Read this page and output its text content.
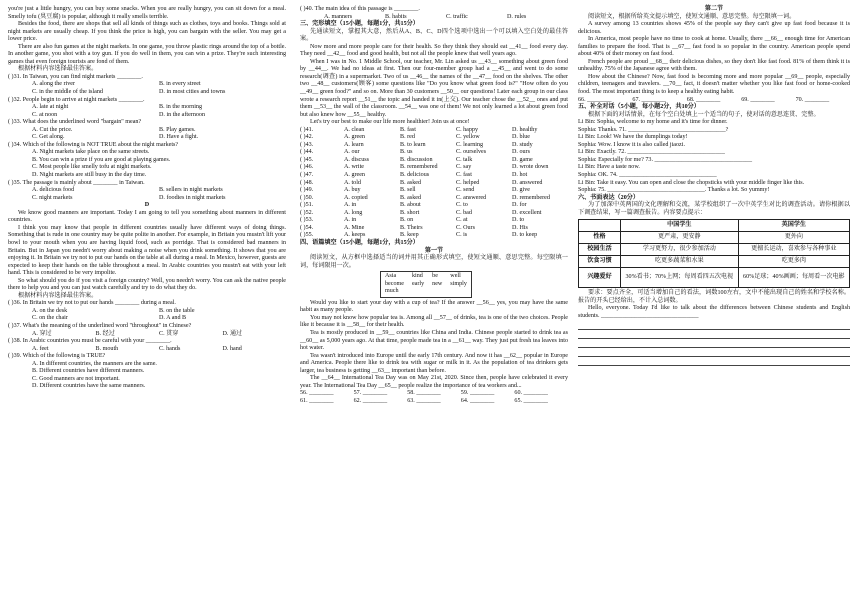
you're just a little hungry, you can buy some snacks. When you are really hungry, you can sit down for a meal. Smelly tofu (臭豆腐) is popular, although it really smells terrible.

Besides the food, there are shops that sell all kinds of things such as clothes, toys and books. Things sold at night markets are usually cheap. If you think the price is high, you can bargain with the seller. You may get a lower price.

There are also fun games at the night markets. In one game, you throw plastic rings around the top of a bottle. In another game, you shot with a toy gun. If you do well in them, you can win a prize. They're such interesting games that even foreign tourists are fond of them.

根据材料内容选择最佳答案。

( )31. In Taiwan, you can find night markets ________.

A. along the river	B. in every street
C. in the middle of the island	D. in most cities and towns

( )32. People begin to arrive at night markets ________.

A. late at night	B. in the morning
C. at noon	D. in the afternoon

( )33. What does the underlined word "bargain" mean?

A. Cut the price.	B. Play games.
C. Get along.	D. Have a fight.

( )34. Which of the following is NOT TRUE about the night markets?

A. Night markets take place on the same streets.
B. You can win a prize if you are good at playing games.
C. Most people like smelly tofu at night markets.
D. Night markets are still busy in the day time.

( )35. The passage is mainly about ________ in Taiwan.

A. delicious food	B. sellers in night markets
C. night markets	D. foodies in night markets

D

We know good manners are important. Today I am going to tell you something about manners in different countries.

I think you may know that people in different countries usually have different ways of doing things. Something that is rude in one country may be quite polite in another. For example, in Britain you mustn't lift your bowl to your mouth when you are having liquid food, such as porridge. That is considered bad manners in Britain. But in Japan you needn't worry about making a noise when you drink something. It shows that you are enjoying it. In Britain we try not to put our hands on the table at all during a meal. In Mexico, however, guests are expected to keep their hands on the table throughout a meal. In Arabic countries you mustn't eat with your left hand. This is considered to be very impolite.

So what should you do if you visit a foreign country? Well, you needn't worry. You can ask the native people there to help you and you can just watch carefully and try to do what they do.

根据材料内容选择最佳答案。

( )36. In Britain we try not to put our hands ________ during a meal.

A. on the desk	B. on the table
C. on the chair	D. A and B

( )37. What's the meaning of the underlined word "throughout" in Chinese?

A. 穿过	B. 经过	C. 贯穿	D. 通过

( )38. In Arabic countries you must be careful with your ________.

A. feet	B. mouth	C. hands	D. hand

( )39. Which of the following is TRUE?

A. In different countries, the manners are the same.
B. Different countries have different manners.
C. Good manners are not important.
D. Different countries have the same manners.

( )40. The main idea of this passage is ________.

A. manners	B. habits	C. traffic	D. rules

三、完形填空（15小题，每题1分，共15分）

先通读短文，掌握其大意，然后从A、B、C、D四个选项中选出一个可以填入空白处的最佳答案。

Now more and more people care for their health. So they think they should eat __41__ food every day. They need __42__ food and good health, but not all the people knew that well years ago.

When I was in No. 1 Middle School, our teacher, Mr. Lin asked us __43__ something about green food by __44__. We had no ideas at first. Then our four-member group had a __45__ and went to do some research(调查) in a supermarket. Two of us __46__ the names of the __47__ food on the shelves. The other two __48__ customers(顾客) some questions like "Do you know what green food is?" "How often do you __49__ green food?" and so on. More than 30 customers __50__ our questions! Later each group in our class wrote a research report __51__ the topic and handed it in(上交). Our teacher chose the __52__ ones and put them __53__ the wall of the classroom. __54__ was one of them! We not only learned a lot about green food but also knew how __55__ healthy.

Let's try our best to make our life more healthier! Join us at once!

( )41.	A. clean	B. fast	C. happy	D. healthy
( )42.	A. green	B. red	C. yellow	D. blue
( )43.	A. learn	B. to learn	C. learning	D. study
( )44.	A. our	B. us	C. ourselves	D. ours
( )45.	A. discuss	B. discussion	C. talk	D. game
( )46.	A. write	B. remembered	C. say	D. wrote down
( )47.	A. green	B. delicious	C. fast	D. hot
( )48.	A. told	B. asked	C. helped	D. answered
( )49.	A. buy	B. sell	C. send	D. give
( )50.	A. copied	B. asked	C. answered	D. remembered
( )51.	A. in	B. about	C. to	D. for
( )52.	A. long	B. short	C. bad	D. excellent
( )53.	A. in	B. on	C. at	D. to
( )54.	A. Mine	B. Theirs	C. Ours	D. His
( )55.	A. keeps	B. keep	C. is	D. to keep

四、语篇填空（15小题，每题1分，共15分）

第一节

阅读短文，从方框中选择适当的词并用其正确形式填空，使短文通顺、意思完整。每空限填一词，每词限用一次。

Asia	kind be	well
become early new simply
much

Would you like to start your day with a cup of tea? If the answer __56__ yes, you may have the same habit as many people.

You may not know how popular tea is. Among all __57__ of drinks, tea is one of the two choices. People like it because it is __58__ for their health.

Tea is mostly produced in __59__ countries like China and India. Chinese people started to drink tea as __60__ as 5,000 years ago. At that time, people made tea in a __61__ way. They just put fresh tea leaves into hot water.

Tea wasn't introduced into Europe until the early 17th century. And now it has __62__ popular in Europe and America. People there like to drink tea with sugar or milk in it. As the population of tea drinkers gets larger, tea business is getting __63__ important than before.

The __64__ International Tea Day was on May 21st, 2020. Since then, people have celebrated it every year. The International Tea Day __65__ people realize the importance of tea workers and...

56. ________	57. ________	58. ________	59. ________	60. ________
61. ________	62. ________	63. ________	64. ________	65. ________

第二节

阅读短文，根据所给英文提示填空，使短文通顺、意思完整。每空限填一词。

A survey among 13 countries shows 45% of the people say they can't give up fast food because it is delicious.

In America, most people have no time to cook at home. Usually, there __66__ enough time for American families to prepare the food. That is __67__ fast food is so popular in the country. American people spend about 40% of their money on fast food.

French people are proud __68__ their delicious dishes, so they don't like fast food. 81% of them think it is unhealthy. 75% of the Japanese agree with them.

How about the Chinese? Now, fast food is becoming more and more popular __69__ people, especially children, teenagers and travelers. __70__ fact, it doesn't matter whether you like fast food or home-cooked food. The most important thing is to keep a healthy eating habit.

66. ________	67. ________	68. ________	69. ________	70. ________

五、补全对话（5小题，每小题2分，共10分）

根据下面的对话情景，在每个空白处填上一个适当的句子，使对话的意思连贯、完整。

Li Bin: Sophia, welcome to my home and it's time for dinner.

Sophia: Thanks. 71. ________________________________?

Li Bin: Look! We have the dumplings today!

Sophia: Wow. I know it is also called jiaozi.

Li Bin: Exactly. 72. ________________________________

Sophia: Especially for me? 73. ________________________________

Li Bin: Have a taste now.

Sophia: OK. 74. ________________________________

Li Bin: Take it easy. You can open and close the chopsticks with your middle finger like this.

Sophia: 75. ________________________________. Thanks a lot. So yummy!

六、书面表达（20分）

为了加深中英两国的文化理解和交流，某学校组织了一次中英学生对比的调查活动。请你根据以下调查结果，写一篇调查报告。内容要点提示：

	中国学生	英国学生
性格	更严肃，更安静	更外向
校园生活	学习更努力，很少参加活动	更擅长运动，喜欢参与各种事业
饮食习惯	吃更多蔬菜和水果	吃更多肉
兴趣爱好	30%看书；70%上网；每周看四五次电视	60%足球；40%画画；每周看一次电影

要求：要点齐全，可适当增加自己的看法，词数100左右，文中不能出现自己的姓名和学校名称。报告的开头已经给出，不计入总词数。

Hello, everyone. Today I'd like to talk about the differences between Chinese students and English students. ________________________________
